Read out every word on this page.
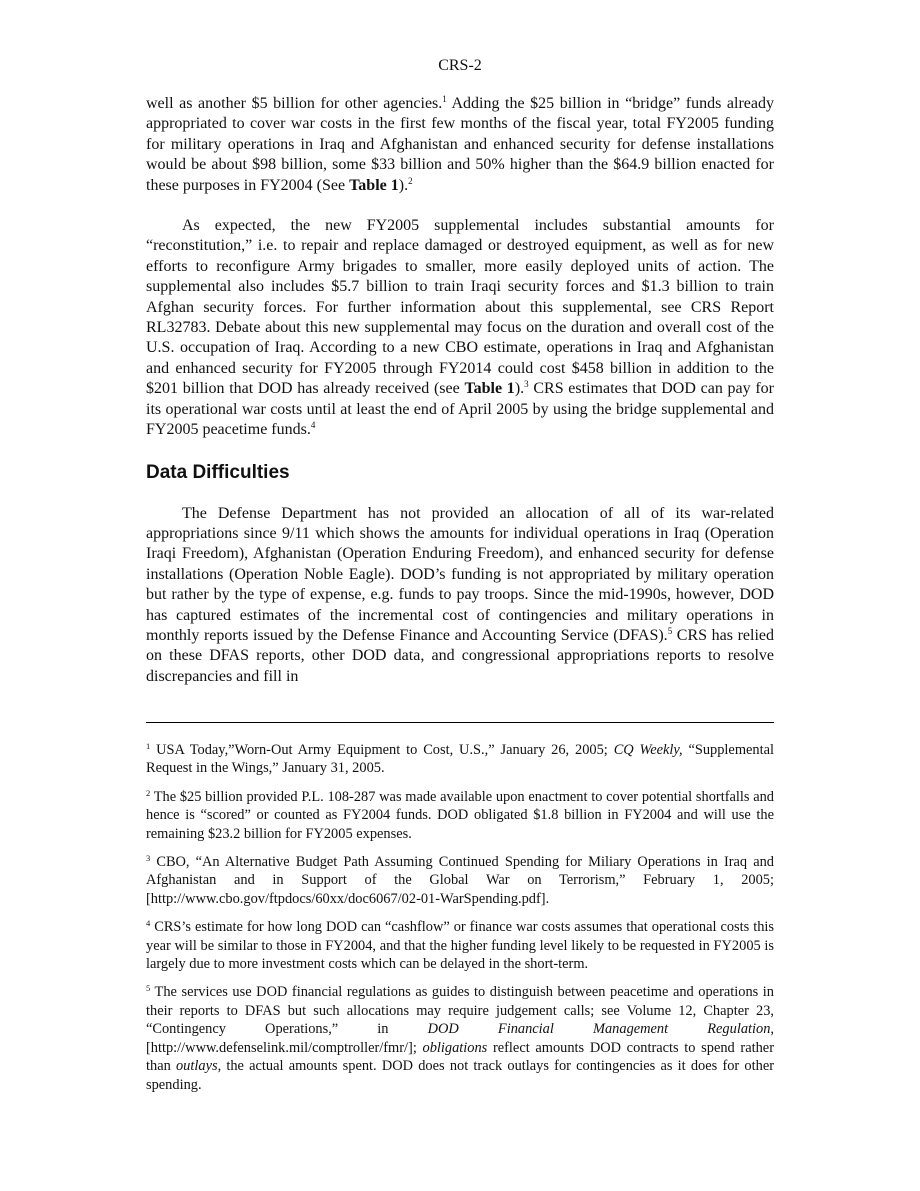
CRS-2

well as another $5 billion for other agencies.$^1$ Adding the $25 billion in “bridge” funds already appropriated to cover war costs in the first few months of the fiscal year, total FY2005 funding for military operations in Iraq and Afghanistan and enhanced security for defense installations would be about $98 billion, some $33 billion and 50% higher than the $64.9 billion enacted for these purposes in FY2004 (See Table 1).$^2$

As expected, the new FY2005 supplemental includes substantial amounts for “reconstitution,” i.e. to repair and replace damaged or destroyed equipment, as well as for new efforts to reconfigure Army brigades to smaller, more easily deployed units of action. The supplemental also includes $5.7 billion to train Iraqi security forces and $1.3 billion to train Afghan security forces. For further information about this supplemental, see CRS Report RL32783. Debate about this new supplemental may focus on the duration and overall cost of the U.S. occupation of Iraq. According to a new CBO estimate, operations in Iraq and Afghanistan and enhanced security for FY2005 through FY2014 could cost $458 billion in addition to the $201 billion that DOD has already received (see Table 1).$^3$ CRS estimates that DOD can pay for its operational war costs until at least the end of April 2005 by using the bridge supplemental and FY2005 peacetime funds.$^4$

Data Difficulties

The Defense Department has not provided an allocation of all of its war-related appropriations since 9/11 which shows the amounts for individual operations in Iraq (Operation Iraqi Freedom), Afghanistan (Operation Enduring Freedom), and enhanced security for defense installations (Operation Noble Eagle). DOD’s funding is not appropriated by military operation but rather by the type of expense, e.g. funds to pay troops. Since the mid-1990s, however, DOD has captured estimates of the incremental cost of contingencies and military operations in monthly reports issued by the Defense Finance and Accounting Service (DFAS).$^5$ CRS has relied on these DFAS reports, other DOD data, and congressional appropriations reports to resolve discrepancies and fill in

$^1$ USA Today,”Worn-Out Army Equipment to Cost, U.S.,” January 26, 2005; CQ Weekly, “Supplemental Request in the Wings,” January 31, 2005.

$^2$ The $25 billion provided P.L. 108-287 was made available upon enactment to cover potential shortfalls and hence is “scored” or counted as FY2004 funds. DOD obligated $1.8 billion in FY2004 and will use the remaining $23.2 billion for FY2005 expenses.

$^3$ CBO, “An Alternative Budget Path Assuming Continued Spending for Miliary Operations in Iraq and Afghanistan and in Support of the Global War on Terrorism,” February 1, 2005; [http://www.cbo.gov/ftpdocs/60xx/doc6067/02-01-WarSpending.pdf].

$^4$ CRS’s estimate for how long DOD can “cashflow” or finance war costs assumes that operational costs this year will be similar to those in FY2004, and that the higher funding level likely to be requested in FY2005 is largely due to more investment costs which can be delayed in the short-term.

$^5$ The services use DOD financial regulations as guides to distinguish between peacetime and operations in their reports to DFAS but such allocations may require judgement calls; see Volume 12, Chapter 23, “Contingency Operations,” in DOD Financial Management Regulation, [http://www.defenselink.mil/comptroller/fmr/]; obligations reflect amounts DOD contracts to spend rather than outlays, the actual amounts spent. DOD does not track outlays for contingencies as it does for other spending.
